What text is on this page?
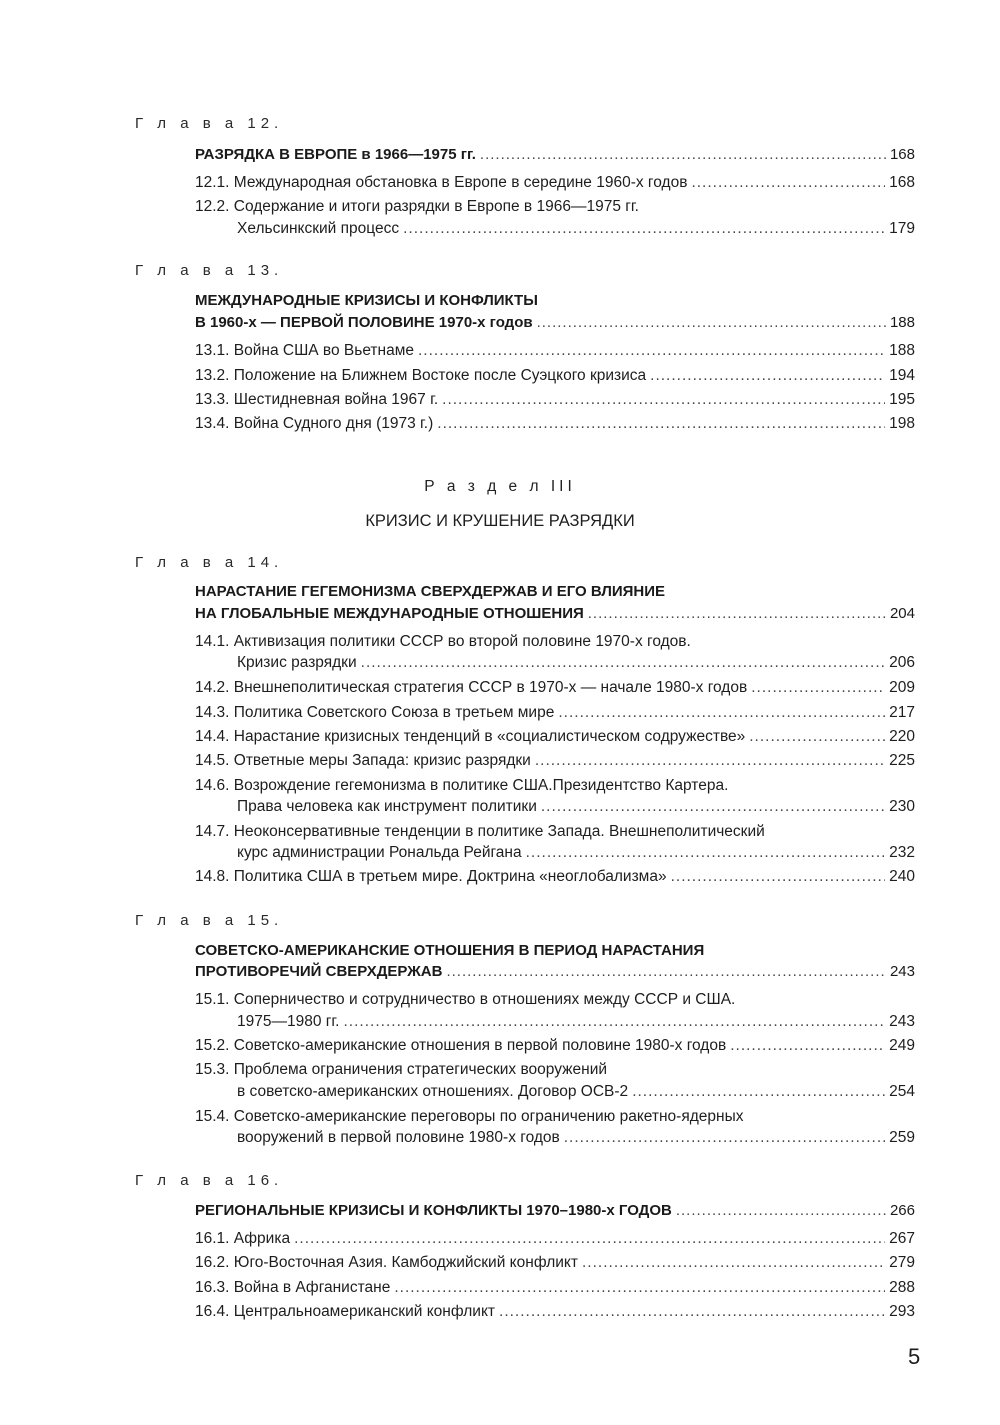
Г л а в а 12.
РАЗРЯДКА В ЕВРОПЕ в 1966—1975 гг. .....	168
12.1. Международная обстановка в Европе в середине 1960-х годов .....	168
12.2. Содержание и итоги разрядки в Европе в 1966—1975 гг.
Хельсинкский процесс .....	179
Г л а в а 13.
МЕЖДУНАРОДНЫЕ КРИЗИСЫ И КОНФЛИКТЫ
В 1960-х — ПЕРВОЙ ПОЛОВИНЕ 1970-х годов .....	188
13.1. Война США во Вьетнаме .....	188
13.2. Положение на Ближнем Востоке после Суэцкого кризиса .....	194
13.3. Шестидневная война 1967 г. .....	195
13.4. Война Судного дня (1973 г.) .....	198
Р а з д е л III
КРИЗИС И КРУШЕНИЕ РАЗРЯДКИ
Г л а в а 14.
НАРАСТАНИЕ ГЕГЕМОНИЗМА СВЕРХДЕРЖАВ И ЕГО ВЛИЯНИЕ
НА ГЛОБАЛЬНЫЕ МЕЖДУНАРОДНЫЕ ОТНОШЕНИЯ .....	204
14.1. Активизация политики СССР во второй половине 1970-х годов.
Кризис разрядки .....	206
14.2. Внешнеполитическая стратегия СССР в 1970-х — начале 1980-х годов .....	209
14.3. Политика Советского Союза в третьем мире .....	217
14.4. Нарастание кризисных тенденций в «социалистическом содружестве» .....	220
14.5. Ответные меры Запада: кризис разрядки .....	225
14.6. Возрождение гегемонизма в политике США.Президентство Картера.
Права человека как инструмент политики .....	230
14.7. Неоконсервативные тенденции в политике Запада. Внешнеполитический
курс администрации Рональда Рейгана .....	232
14.8. Политика США в третьем мире. Доктрина «неоглобализма» .....	240
Г л а в а 15.
СОВЕТСКО-АМЕРИКАНСКИЕ ОТНОШЕНИЯ В ПЕРИОД НАРАСТАНИЯ
ПРОТИВОРЕЧИЙ СВЕРХДЕРЖАВ .....	243
15.1. Соперничество и сотрудничество в отношениях между СССР и США.
1975—1980 гг. .....	243
15.2. Советско-американские отношения в первой половине 1980-х годов .....	249
15.3. Проблема ограничения стратегических вооружений
в советско-американских отношениях. Договор ОСВ-2 .....	254
15.4. Советско-американские переговоры по ограничению ракетно-ядерных
вооружений в первой половине 1980-х годов .....	259
Г л а в а 16.
РЕГИОНАЛЬНЫЕ КРИЗИСЫ И КОНФЛИКТЫ 1970–1980-х ГОДОВ .....	266
16.1. Африка .....	267
16.2. Юго-Восточная Азия. Камбоджийский конфликт .....	279
16.3. Война в Афганистане .....	288
16.4. Центральноамериканский конфликт .....	293
5
